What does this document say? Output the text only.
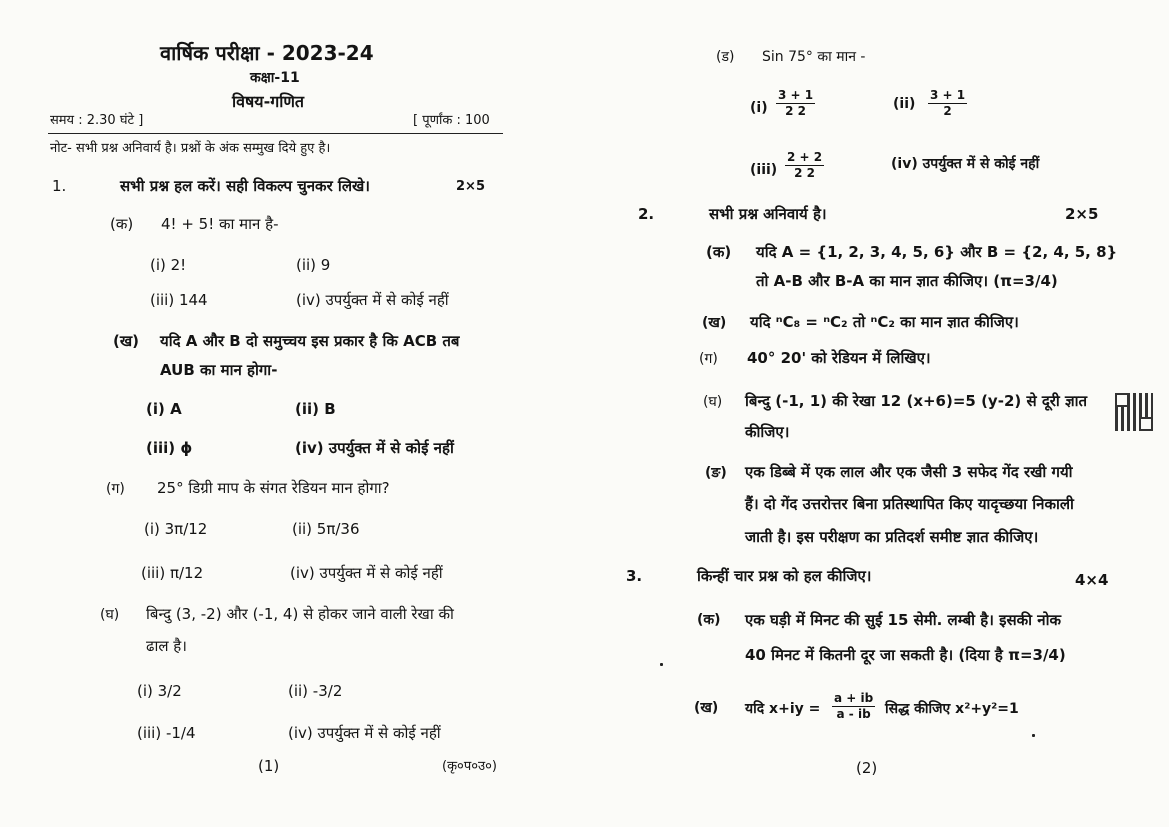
वार्षिक परीक्षा - 2023-24
कक्षा-11
विषय-गणित
समय : 2.30 घंटे ]	[ पूर्णांक : 100
नोट- सभी प्रश्न अनिवार्य है। प्रश्नों के अंक सम्मुख दिये हुए है।
1.	सभी प्रश्न हल करें। सही विकल्प चुनकर लिखे।	2×5
(क) 4! + 5! का मान है-
(i) 2!	(ii) 9
(iii) 144	(iv) उपर्युक्त में से कोई नहीं
(ख) यदि A और B दो समुच्चय इस प्रकार है कि ACB तब
AUB का मान होगा-
(i) A	(ii) B
(iii) ϕ	(iv) उपर्युक्त में से कोई नहीं
(ग) 25° डिग्री माप के संगत रेडियन मान होगा?
(i) 3π/12	(ii) 5π/36
(iii) π/12	(iv) उपर्युक्त में से कोई नहीं
(घ) बिन्दु (3, -2) और (-1, 4) से होकर जाने वाली रेखा की
ढाल है।
(i) 3/2	(ii) -3/2
(iii) -1/4	(iv) उपर्युक्त में से कोई नहीं
(1)	(कृ०प०उ०)
(ड) Sin 75° का मान -
$(i) \frac{3 + 1}{2 2}$	$(ii) \frac{3 + 1}{2}$
$(iii) \frac{2 + 2}{2 2}$	(iv) उपर्युक्त में से कोई नहीं
2.	सभी प्रश्न अनिवार्य है।	2×5
(क) यदि A = {1, 2, 3, 4, 5, 6} और B = {2, 4, 5, 8}
तो A-B और B-A का मान ज्ञात कीजिए। (π=3/4)
(ख) यदि ⁿC₈ = ⁿC₂ तो ⁿC₂ का मान ज्ञात कीजिए।
(ग) 40° 20' को रेडियन में लिखिए।
(घ) बिन्दु (-1, 1) की रेखा 12 (x+6)=5 (y-2) से दूरी ज्ञात
कीजिए।
(ङ) एक डिब्बे में एक लाल और एक जैसी 3 सफेद गेंद रखी गयी
हैं। दो गेंद उत्तरोत्तर बिना प्रतिस्थापित किए यादृच्छया निकाली
जाती है। इस परीक्षण का प्रतिदर्श समीष्ट ज्ञात कीजिए।
3.	किन्हीं चार प्रश्न को हल कीजिए।	4×4
(क) एक घड़ी में मिनट की सुई 15 सेमी. लम्बी है। इसकी नोक
40 मिनट में कितनी दूर जा सकती है। (दिया है π=3/4)
(ख) यदि $x+iy = \frac{a + ib}{a - ib}$ सिद्ध कीजिए x²+y²=1
(2)
